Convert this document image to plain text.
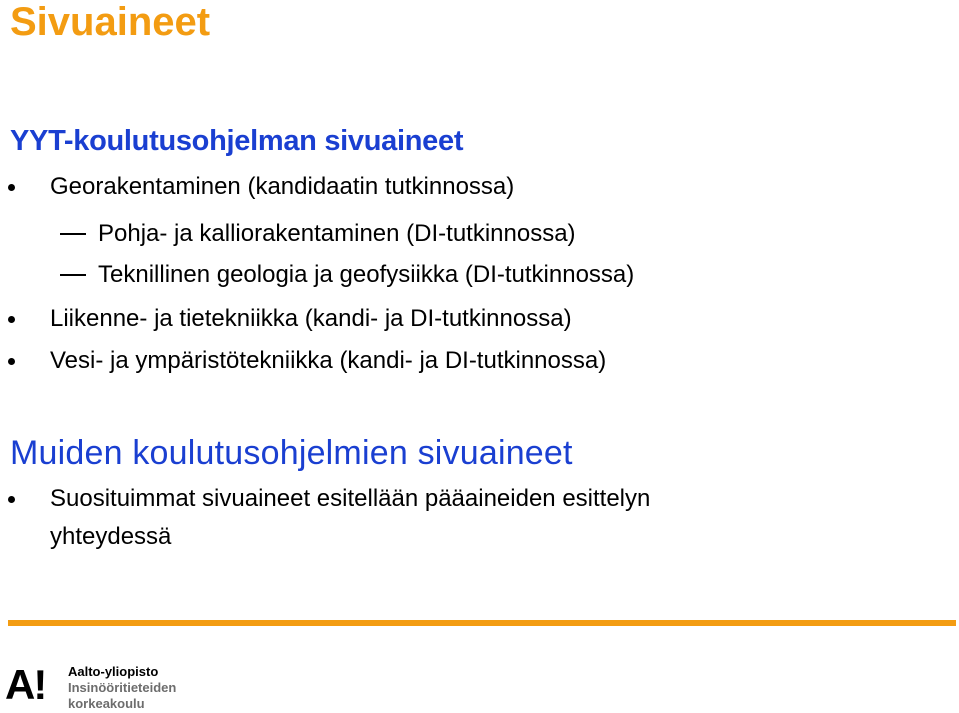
Sivuaineet
YYT-koulutusohjelman sivuaineet
Georakentaminen (kandidaatin tutkinnossa)
Pohja- ja kalliorakentaminen (DI-tutkinnossa)
Teknillinen geologia ja geofysiikka (DI-tutkinnossa)
Liikenne- ja tietekniikka (kandi- ja DI-tutkinnossa)
Vesi- ja ympäristötekniikka (kandi- ja DI-tutkinnossa)
Muiden koulutusohjelmien sivuaineet
Suosituimmat sivuaineet esitellään pääaineiden esittelyn
yhteydessä
A! Aalto-yliopisto
Insinööritieteiden
korkeakoulu
